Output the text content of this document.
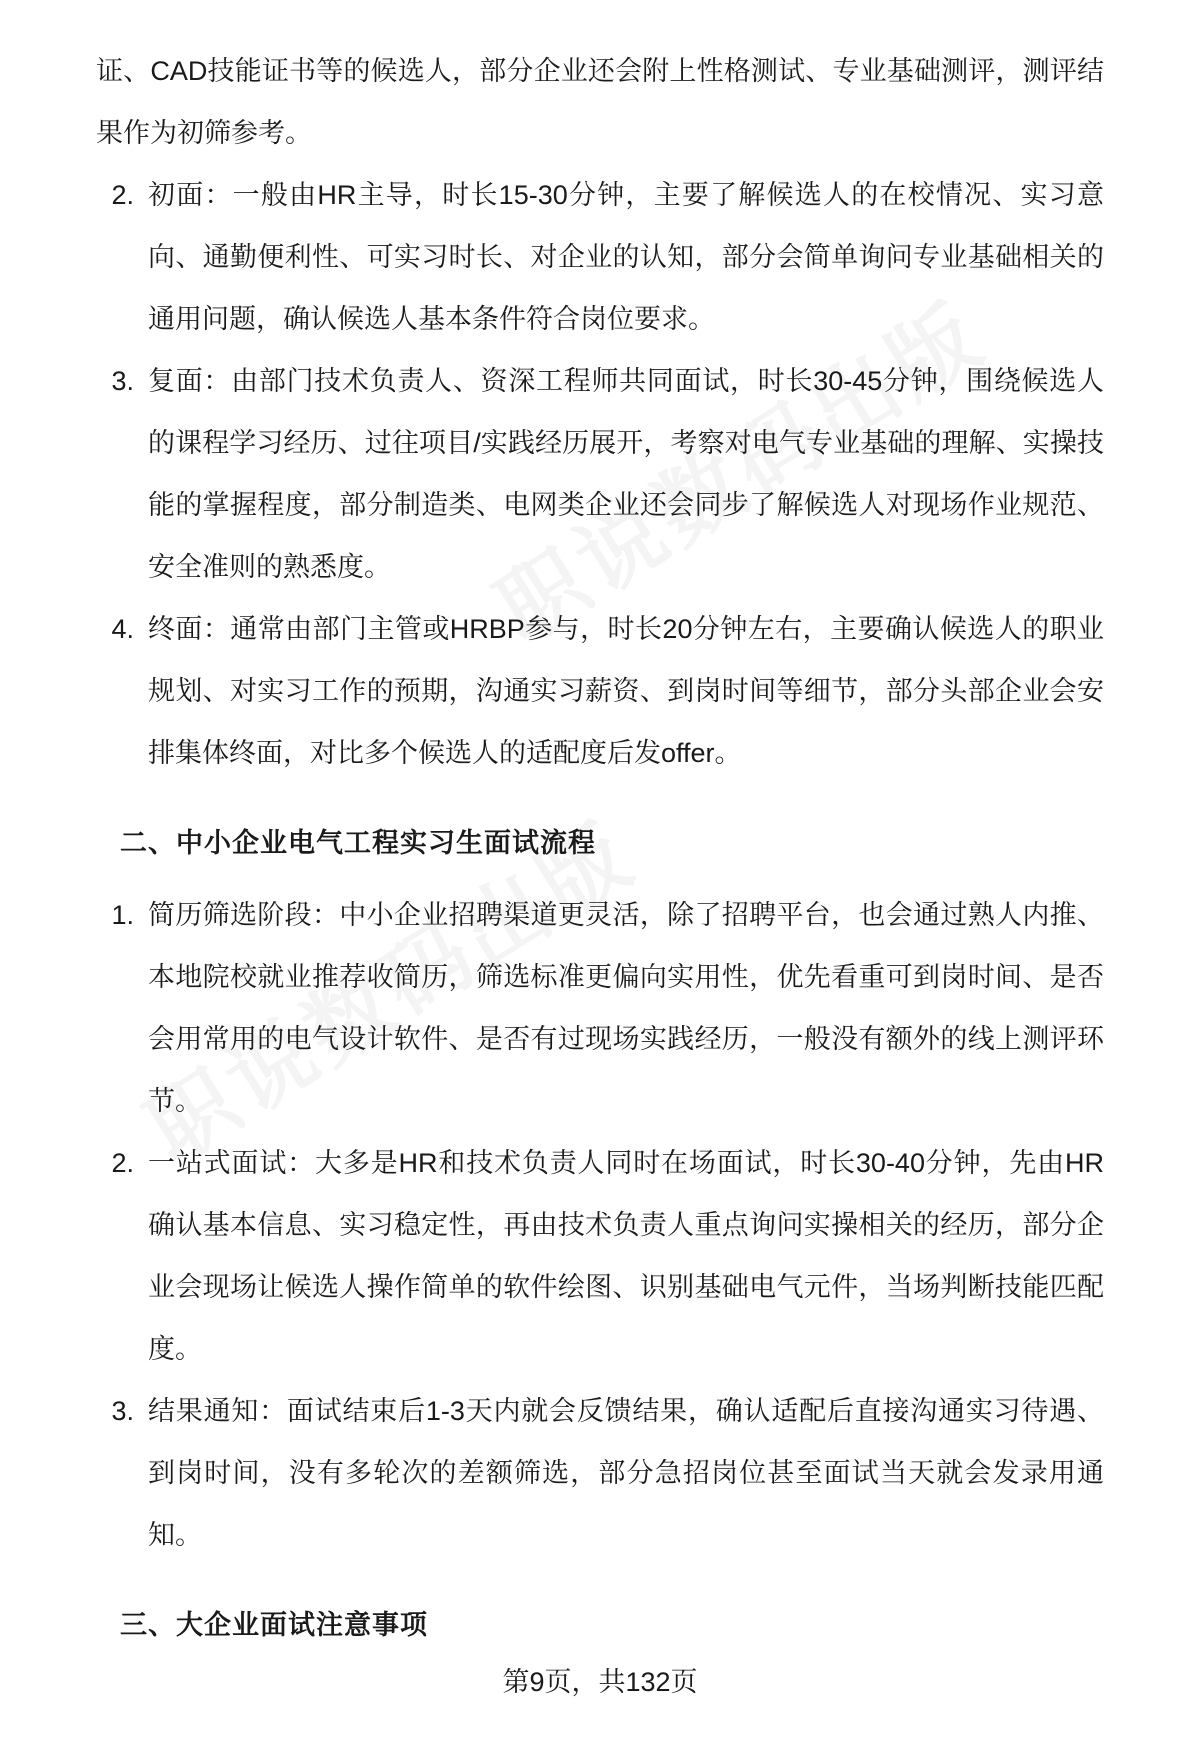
证、CAD技能证书等的候选人，部分企业还会附上性格测试、专业基础测评，测评结果作为初筛参考。

2. 初面：一般由HR主导，时长15-30分钟，主要了解候选人的在校情况、实习意向、通勤便利性、可实习时长、对企业的认知，部分会简单询问专业基础相关的通用问题，确认候选人基本条件符合岗位要求。
3. 复面：由部门技术负责人、资深工程师共同面试，时长30-45分钟，围绕候选人的课程学习经历、过往项目/实践经历展开，考察对电气专业基础的理解、实操技能的掌握程度，部分制造类、电网类企业还会同步了解候选人对现场作业规范、安全准则的熟悉度。
4. 终面：通常由部门主管或HRBP参与，时长20分钟左右，主要确认候选人的职业规划、对实习工作的预期，沟通实习薪资、到岗时间等细节，部分头部企业会安排集体终面，对比多个候选人的适配度后发offer。
二、中小企业电气工程实习生面试流程
1. 简历筛选阶段：中小企业招聘渠道更灵活，除了招聘平台，也会通过熟人内推、本地院校就业推荐收简历，筛选标准更偏向实用性，优先看重可到岗时间、是否会用常用的电气设计软件、是否有过现场实践经历，一般没有额外的线上测评环节。
2. 一站式面试：大多是HR和技术负责人同时在场面试，时长30-40分钟，先由HR确认基本信息、实习稳定性，再由技术负责人重点询问实操相关的经历，部分企业会现场让候选人操作简单的软件绘图、识别基础电气元件，当场判断技能匹配度。
3. 结果通知：面试结束后1-3天内就会反馈结果，确认适配后直接沟通实习待遇、到岗时间，没有多轮次的差额筛选，部分急招岗位甚至面试当天就会发录用通知。
三、大企业面试注意事项
第9页，共132页
